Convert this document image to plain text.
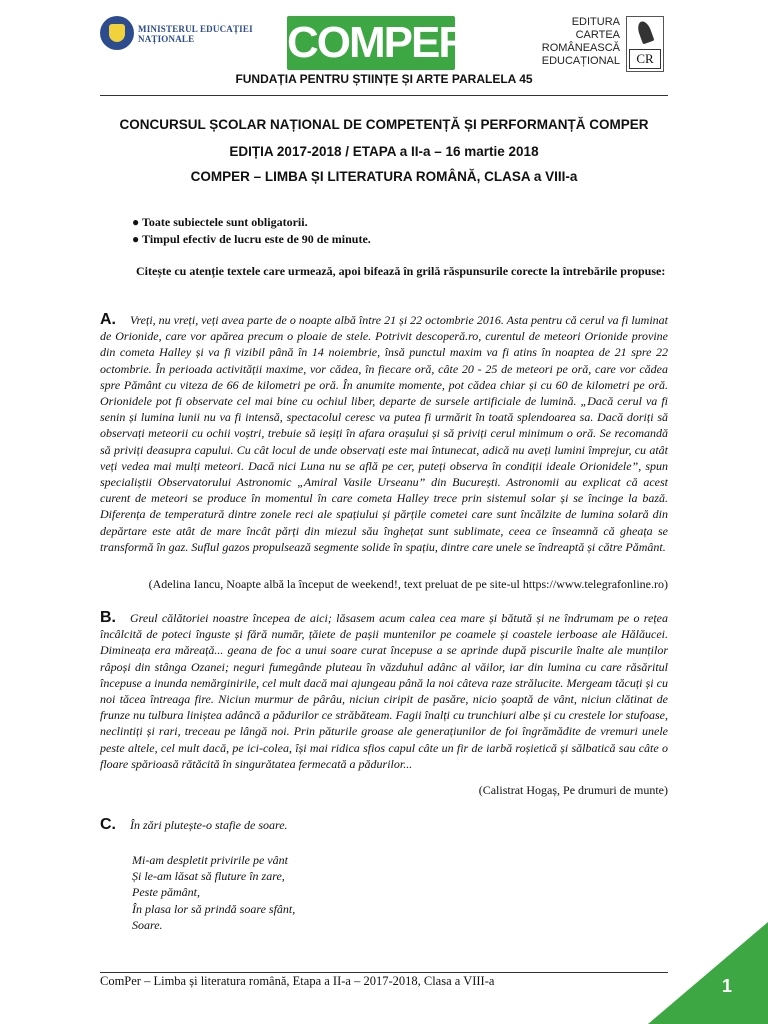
MINISTERUL EDUCAȚIEI
NAȚIONALE	COMPER	EDITURA
CARTEA ROMÂNEASCĂ
EDUCAȚIONAL	CR
FUNDAȚIA PENTRU ȘTIINȚE ȘI ARTE PARALELA 45
CONCURSUL ȘCOLAR NAȚIONAL DE COMPETENȚĂ ȘI PERFORMANȚĂ COMPER
EDIȚIA 2017-2018 / ETAPA a II-a – 16 martie 2018
COMPER – LIMBA ȘI LITERATURA ROMÂNĂ, CLASA a VIII-a
● Toate subiectele sunt obligatorii.
● Timpul efectiv de lucru este de 90 de minute.
Citește cu atenție textele care urmează, apoi bifează în grilă răspunsurile corecte la întrebările propuse:
A. Vreți, nu vreți, veți avea parte de o noapte albă între 21 și 22 octombrie 2016. Asta pentru că cerul va fi luminat de Orionide, care vor apărea precum o ploaie de stele. Potrivit descoperă.ro, curentul de meteori Orionide provine din cometa Halley și va fi vizibil până în 14 noiembrie, însă punctul maxim va fi atins în noaptea de 21 spre 22 octombrie. În perioada activității maxime, vor cădea, în fiecare oră, câte 20 - 25 de meteori pe oră, care vor cădea spre Pământ cu viteza de 66 de kilometri pe oră. În anumite momente, pot cădea chiar și cu 60 de kilometri pe oră. Orionidele pot fi observate cel mai bine cu ochiul liber, departe de sursele artificiale de lumină. „Dacă cerul va fi senin și lumina lunii nu va fi intensă, spectacolul ceresc va putea fi urmărit în toată splendoarea sa. Dacă doriți să observați meteorii cu ochii voștri, trebuie să ieșiți în afara orașului și să priviți cerul minimum o oră. Se recomandă să priviți deasupra capului. Cu cât locul de unde observați este mai întunecat, adică nu aveți lumini împrejur, cu atât veți vedea mai mulți meteori. Dacă nici Luna nu se află pe cer, puteți observa în condiții ideale Orionidele”, spun specialiștii Observatorului Astronomic „Amiral Vasile Urseanu” din București. Astronomii au explicat că acest curent de meteori se produce în momentul în care cometa Halley trece prin sistemul solar și se încinge la bază. Diferența de temperatură dintre zonele reci ale spațiului și părțile cometei care sunt încălzite de lumina solară din depărtare este atât de mare încât părți din miezul său înghețat sunt sublimate, ceea ce înseamnă că gheața se transformă în gaz. Suflul gazos propulsează segmente solide în spațiu, dintre care unele se îndreaptă și către Pământ.
(Adelina Iancu, Noapte albă la început de weekend!, text preluat de pe site-ul https://www.telegrafonline.ro)
B. Greul călătoriei noastre începea de aici; lăsasem acum calea cea mare și bătută și ne îndrumam pe o rețea încâlcită de poteci înguste și fără număr, țăiete de pașii muntenilor pe coamele și coastele ierboase ale Hălăucei. Dimineața era măreață... geana de foc a unui soare curat începuse a se aprinde după piscurile înalte ale munților râpoși din stânga Ozanei; neguri fumegânde pluteau în văzduhul adânc al văilor, iar din lumina cu care răsăritul începuse a inunda nemărginirile, cel mult dacă mai ajungeau până la noi câteva raze strălucite. Mergeam tăcuți și cu noi tăcea întreaga fire. Niciun murmur de pârâu, niciun ciripit de pasăre, nicio șoaptă de vânt, niciun clătinat de frunze nu tulbura liniștea adâncă a pădurilor ce străbăteam. Fagii înalți cu trunchiuri albe și cu crestele lor stufoase, neclintiți și rari, treceau pe lângă noi. Prin păturile groase ale generațiunilor de foi îngrămădite de vremuri unele peste altele, cel mult dacă, pe ici-colea, își mai ridica sfios capul câte un fir de iarbă roșietică și sălbatică sau câte o floare spărioasă rătăcită în singurătatea fermecată a pădurilor...
(Calistrat Hogaș, Pe drumuri de munte)
C. În zări plutește-o stafie de soare.
Mi-am despletit privirile pe vânt
Și le-am lăsat să fluture în zare,
Peste pământ,
În plasa lor să prindă soare sfânt,
Soare.
ComPer – Limba și literatura română, Etapa a II-a – 2017-2018, Clasa a VIII-a	1
